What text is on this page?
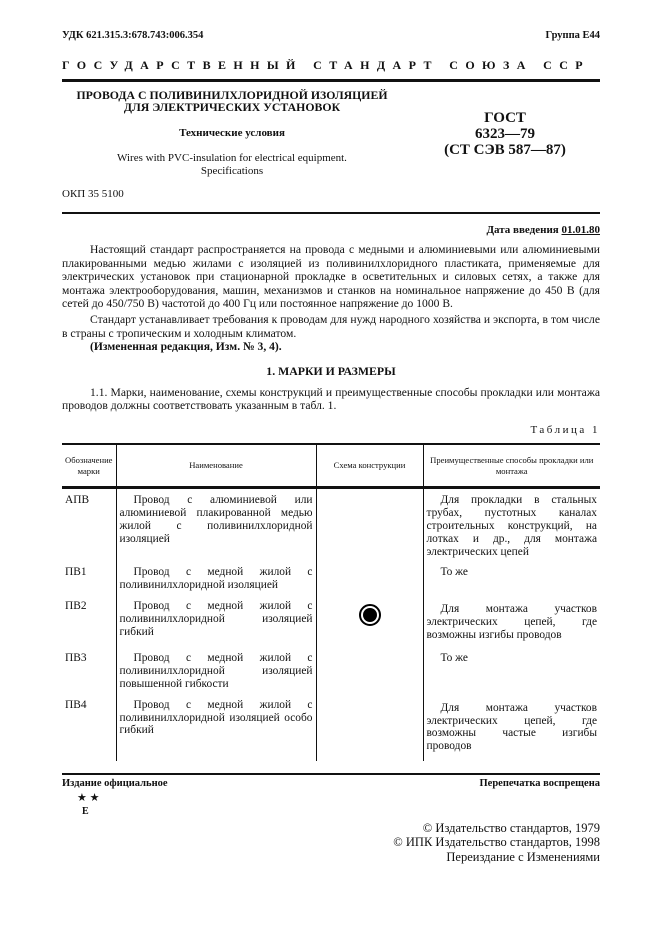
УДК 621.315.3:678.743:006.354	Группа Е44
ГОСУДАРСТВЕННЫЙ СТАНДАРТ СОЮЗА ССР
ПРОВОДА С ПОЛИВИНИЛХЛОРИДНОЙ ИЗОЛЯЦИЕЙ
ДЛЯ ЭЛЕКТРИЧЕСКИХ УСТАНОВОК
Технические условия
Wires with PVC-insulation for electrical equipment.
Specifications
ГОСТ
6323—79
(СТ СЭВ 587—87)
ОКП 35 5100
Дата введения 01.01.80

Настоящий стандарт распространяется на провода с медными и алюминиевыми или алюминиевыми плакированными медью жилами с изоляцией из поливинилхлоридного пластиката, применяемые для электрических установок при стационарной прокладке в осветительных и силовых сетях, а также для монтажа электрооборудования, машин, механизмов и станков на номинальное напряжение до 450 В (для сетей до 450/750 В) частотой до 400 Гц или постоянное напряжение до 1000 В.

Стандарт устанавливает требования к проводам для нужд народного хозяйства и экспорта, в том числе в страны с тропическим и холодным климатом.

(Измененная редакция, Изм. № 3, 4).

1. МАРКИ И РАЗМЕРЫ

1.1. Марки, наименование, схемы конструкций и преимущественные способы прокладки или монтажа проводов должны соответствовать указанным в табл. 1.

Таблица 1
Обозначение марки	Наименование	Схема конструкции	Преимущественные способы прокладки или монтажа
АПВ	Провод с алюминиевой или алюминиевой плакированной медью жилой с поливинилхлоридной изоляцией		Для прокладки в стальных трубах, пустотных каналах строительных конструкций, на лотках и др., для монтажа электрических цепей
ПВ1	Провод с медной жилой с поливинилхлоридной изоляцией		То же
ПВ2	Провод с медной жилой с поливинилхлоридной изоляцией гибкий		Для монтажа участков электрических цепей, где возможны изгибы проводов
ПВ3	Провод с медной жилой с поливинилхлоридной изоляцией повышенной гибкости		То же
ПВ4	Провод с медной жилой с поливинилхлоридной изоляцией особо гибкий		Для монтажа участков электрических цепей, где возможны частые изгибы проводов
Издание официальное
★ ★
Е
Перепечатка воспрещена
© Издательство стандартов, 1979
© ИПК Издательство стандартов, 1998
Переиздание с Изменениями
